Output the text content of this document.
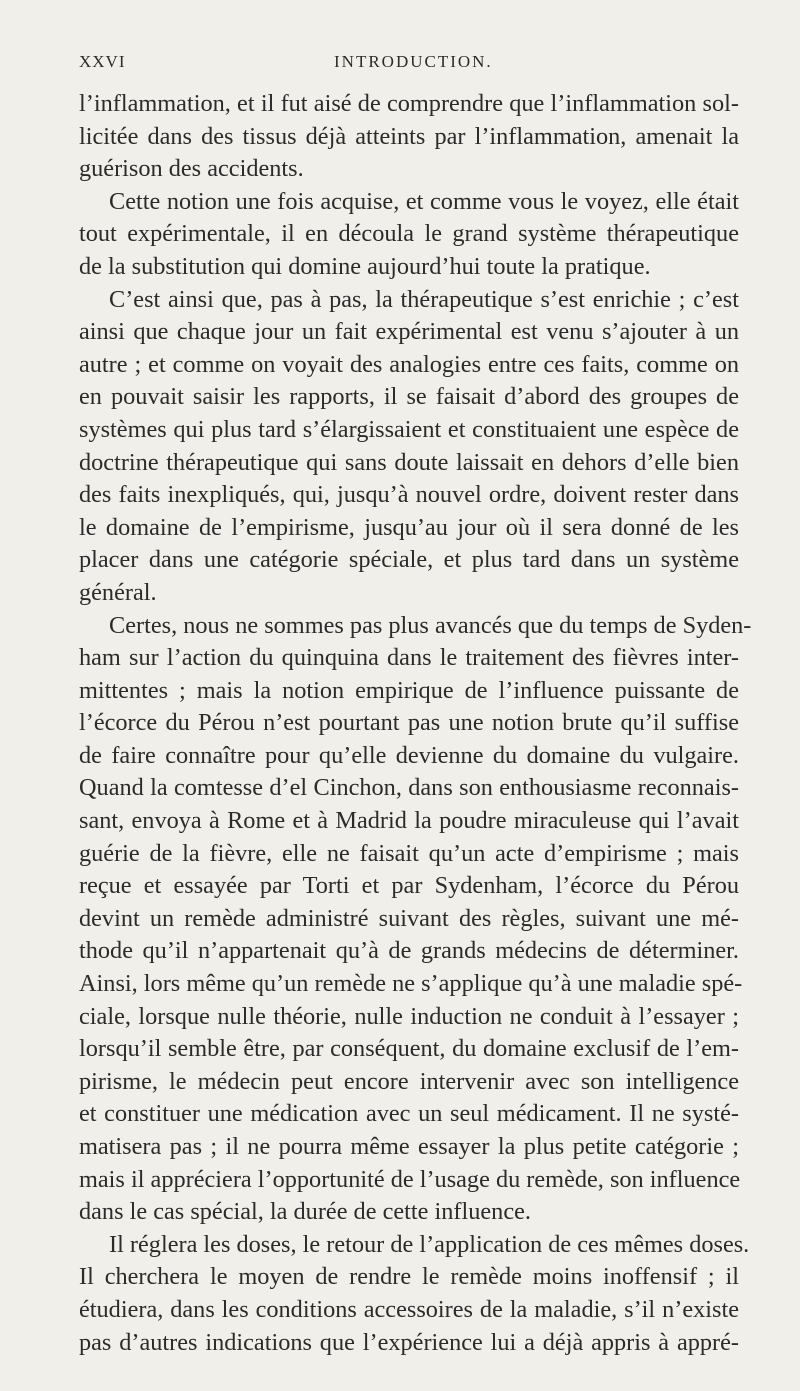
XXVI	INTRODUCTION.
l’inflammation, et il fut aisé de comprendre que l’inflammation sol-
licitée dans des tissus déjà atteints par l’inflammation, amenait la
guérison des accidents.
Cette notion une fois acquise, et comme vous le voyez, elle était
tout expérimentale, il en découla le grand système thérapeutique
de la substitution qui domine aujourd’hui toute la pratique.
C’est ainsi que, pas à pas, la thérapeutique s’est enrichie ; c’est
ainsi que chaque jour un fait expérimental est venu s’ajouter à un
autre ; et comme on voyait des analogies entre ces faits, comme on
en pouvait saisir les rapports, il se faisait d’abord des groupes de
systèmes qui plus tard s’élargissaient et constituaient une espèce de
doctrine thérapeutique qui sans doute laissait en dehors d’elle bien
des faits inexpliqués, qui, jusqu’à nouvel ordre, doivent rester dans
le domaine de l’empirisme, jusqu’au jour où il sera donné de les
placer dans une catégorie spéciale, et plus tard dans un système
général.
Certes, nous ne sommes pas plus avancés que du temps de Syden-
ham sur l’action du quinquina dans le traitement des fièvres inter-
mittentes ; mais la notion empirique de l’influence puissante de
l’écorce du Pérou n’est pourtant pas une notion brute qu’il suffise
de faire connaître pour qu’elle devienne du domaine du vulgaire.
Quand la comtesse d’el Cinchon, dans son enthousiasme reconnais-
sant, envoya à Rome et à Madrid la poudre miraculeuse qui l’avait
guérie de la fièvre, elle ne faisait qu’un acte d’empirisme ; mais
reçue et essayée par Torti et par Sydenham, l’écorce du Pérou
devint un remède administré suivant des règles, suivant une mé-
thode qu’il n’appartenait qu’à de grands médecins de déterminer.
Ainsi, lors même qu’un remède ne s’applique qu’à une maladie spé-
ciale, lorsque nulle théorie, nulle induction ne conduit à l’essayer ;
lorsqu’il semble être, par conséquent, du domaine exclusif de l’em-
pirisme, le médecin peut encore intervenir avec son intelligence
et constituer une médication avec un seul médicament. Il ne systé-
matisera pas ; il ne pourra même essayer la plus petite catégorie ;
mais il appréciera l’opportunité de l’usage du remède, son influence
dans le cas spécial, la durée de cette influence.
Il réglera les doses, le retour de l’application de ces mêmes doses.
Il cherchera le moyen de rendre le remède moins inoffensif ; il
étudiera, dans les conditions accessoires de la maladie, s’il n’existe
pas d’autres indications que l’expérience lui a déjà appris à appré-
